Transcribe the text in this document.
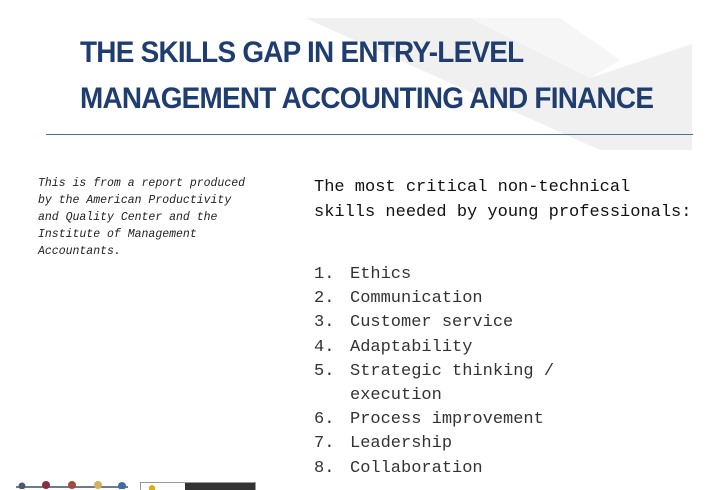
THE SKILLS GAP IN ENTRY-LEVEL
MANAGEMENT ACCOUNTING AND FINANCE

This is from a report produced by the American Productivity and Quality Center and the Institute of Management Accountants.

The most critical non-technical skills needed by young professionals:

1. Ethics
2. Communication
3. Customer service
4. Adaptability
5. Strategic thinking / execution
6. Process improvement
7. Leadership
8. Collaboration
